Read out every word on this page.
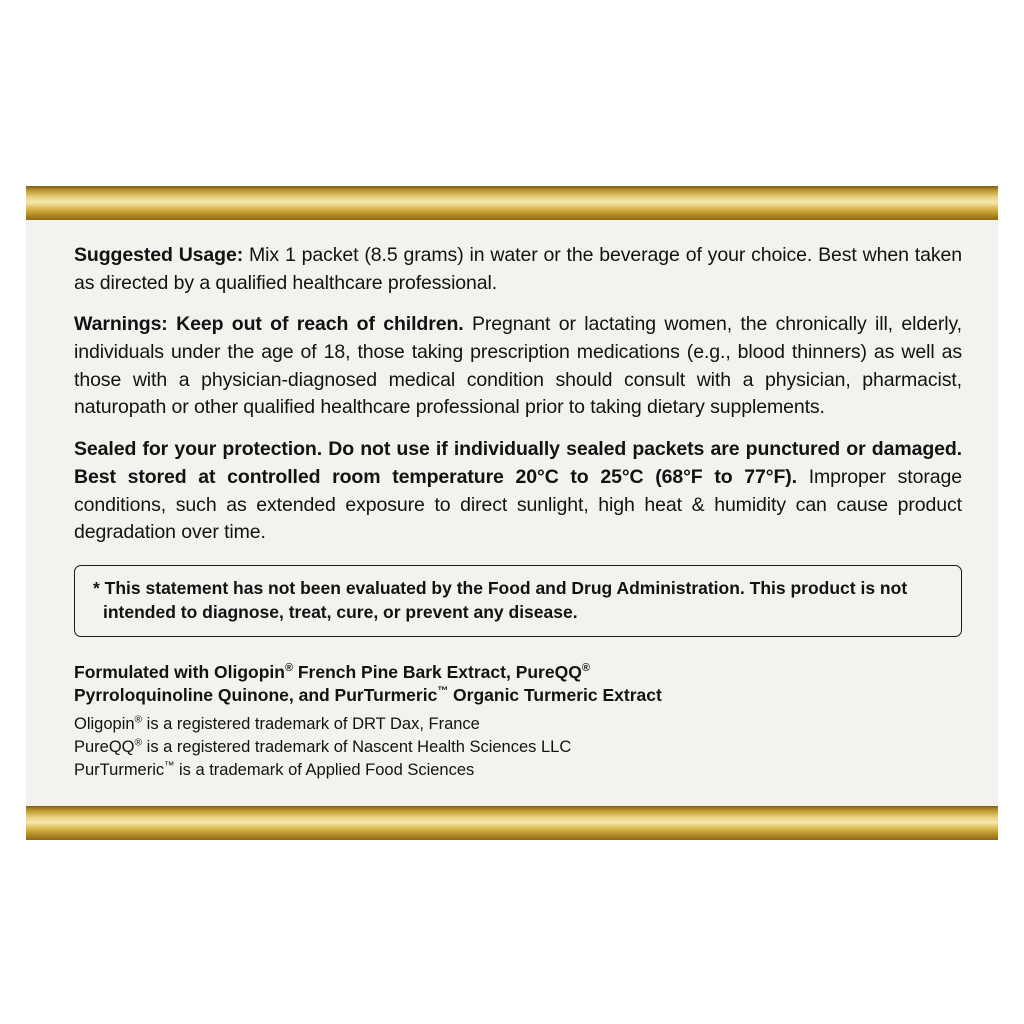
Suggested Usage: Mix 1 packet (8.5 grams) in water or the beverage of your choice. Best when taken as directed by a qualified healthcare professional.

Warnings: Keep out of reach of children. Pregnant or lactating women, the chronically ill, elderly, individuals under the age of 18, those taking prescription medications (e.g., blood thinners) as well as those with a physician-diagnosed medical condition should consult with a physician, pharmacist, naturopath or other qualified healthcare professional prior to taking dietary supplements.

Sealed for your protection. Do not use if individually sealed packets are punctured or damaged. Best stored at controlled room temperature 20°C to 25°C (68°F to 77°F). Improper storage conditions, such as extended exposure to direct sunlight, high heat & humidity can cause product degradation over time.

* This statement has not been evaluated by the Food and Drug Administration. This product is not intended to diagnose, treat, cure, or prevent any disease.

Formulated with Oligopin® French Pine Bark Extract, PureQQ®

Pyrroloquinoline Quinone, and PurTurmeric™ Organic Turmeric Extract

Oligopin® is a registered trademark of DRT Dax, France

PureQQ® is a registered trademark of Nascent Health Sciences LLC

PurTurmeric™ is a trademark of Applied Food Sciences
